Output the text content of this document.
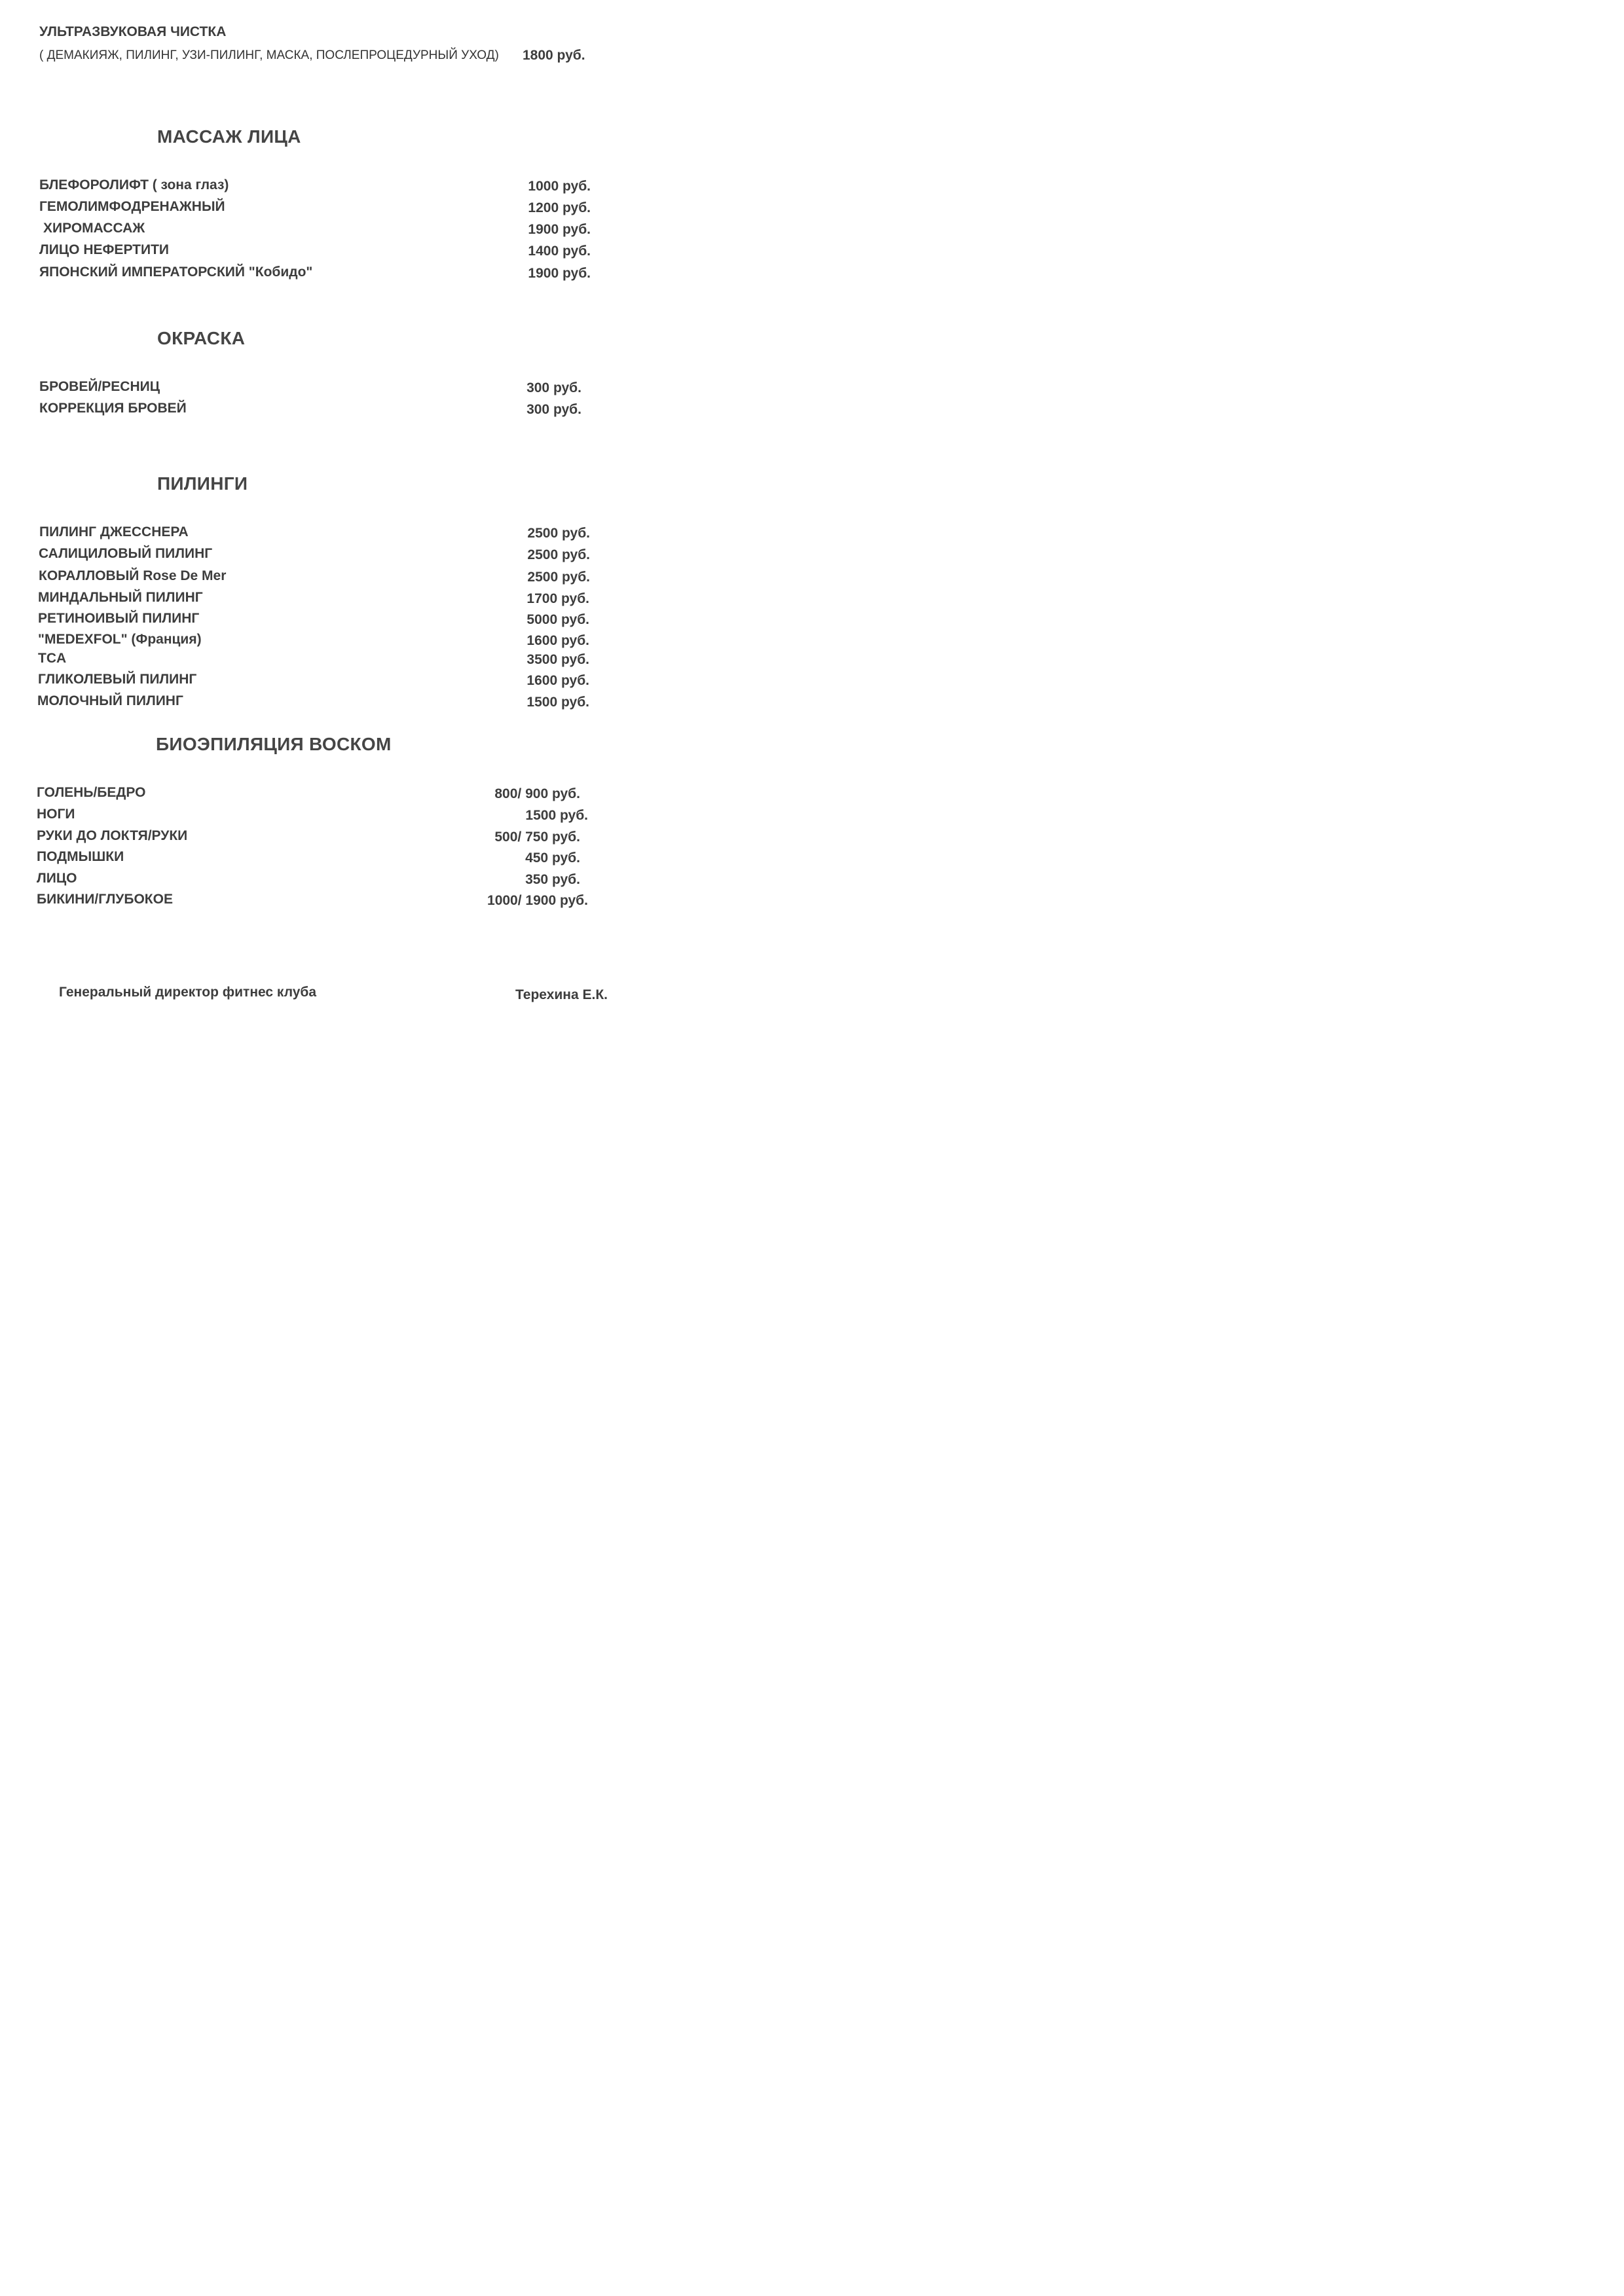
УЛЬТРАЗВУКОВАЯ ЧИСТКА
( ДЕМАКИЯЖ, ПИЛИНГ, УЗИ-ПИЛИНГ, МАСКА, ПОСЛЕПРОЦЕДУРНЫЙ УХОД) 1800 руб.
МАССАЖ ЛИЦА
БЛЕФОРОЛИФТ ( зона глаз)	1000 руб.
ГЕМОЛИМФОДРЕНАЖНЫЙ	1200 руб.
ХИРОМАССАЖ	1900 руб.
ЛИЦО НЕФЕРТИТИ	1400 руб.
ЯПОНСКИЙ ИМПЕРАТОРСКИЙ "Кобидо"	1900 руб.
ОКРАСКА
БРОВЕЙ/РЕСНИЦ	300 руб.
КОРРЕКЦИЯ БРОВЕЙ	300 руб.
ПИЛИНГИ
ПИЛИНГ ДЖЕССНЕРА	2500 руб.
САЛИЦИЛОВЫЙ ПИЛИНГ	2500 руб.
КОРАЛЛОВЫЙ Rose De Mer	2500 руб.
МИНДАЛЬНЫЙ ПИЛИНГ	1700 руб.
РЕТИНОИВЫЙ ПИЛИНГ	5000 руб.
"MEDEXFOL" (Франция)	1600 руб.
TCA	3500 руб.
ГЛИКОЛЕВЫЙ ПИЛИНГ	1600 руб.
МОЛОЧНЫЙ ПИЛИНГ	1500 руб.
БИОЭПИЛЯЦИЯ ВОСКОМ
ГОЛЕНЬ/БЕДРО	800/ 900 руб.
НОГИ	1500 руб.
РУКИ ДО ЛОКТЯ/РУКИ	500/ 750 руб.
ПОДМЫШКИ	450 руб.
ЛИЦО	350 руб.
БИКИНИ/ГЛУБОКОЕ	1000/ 1900 руб.
Генеральный директор фитнес клуба	Терехина Е.К.
